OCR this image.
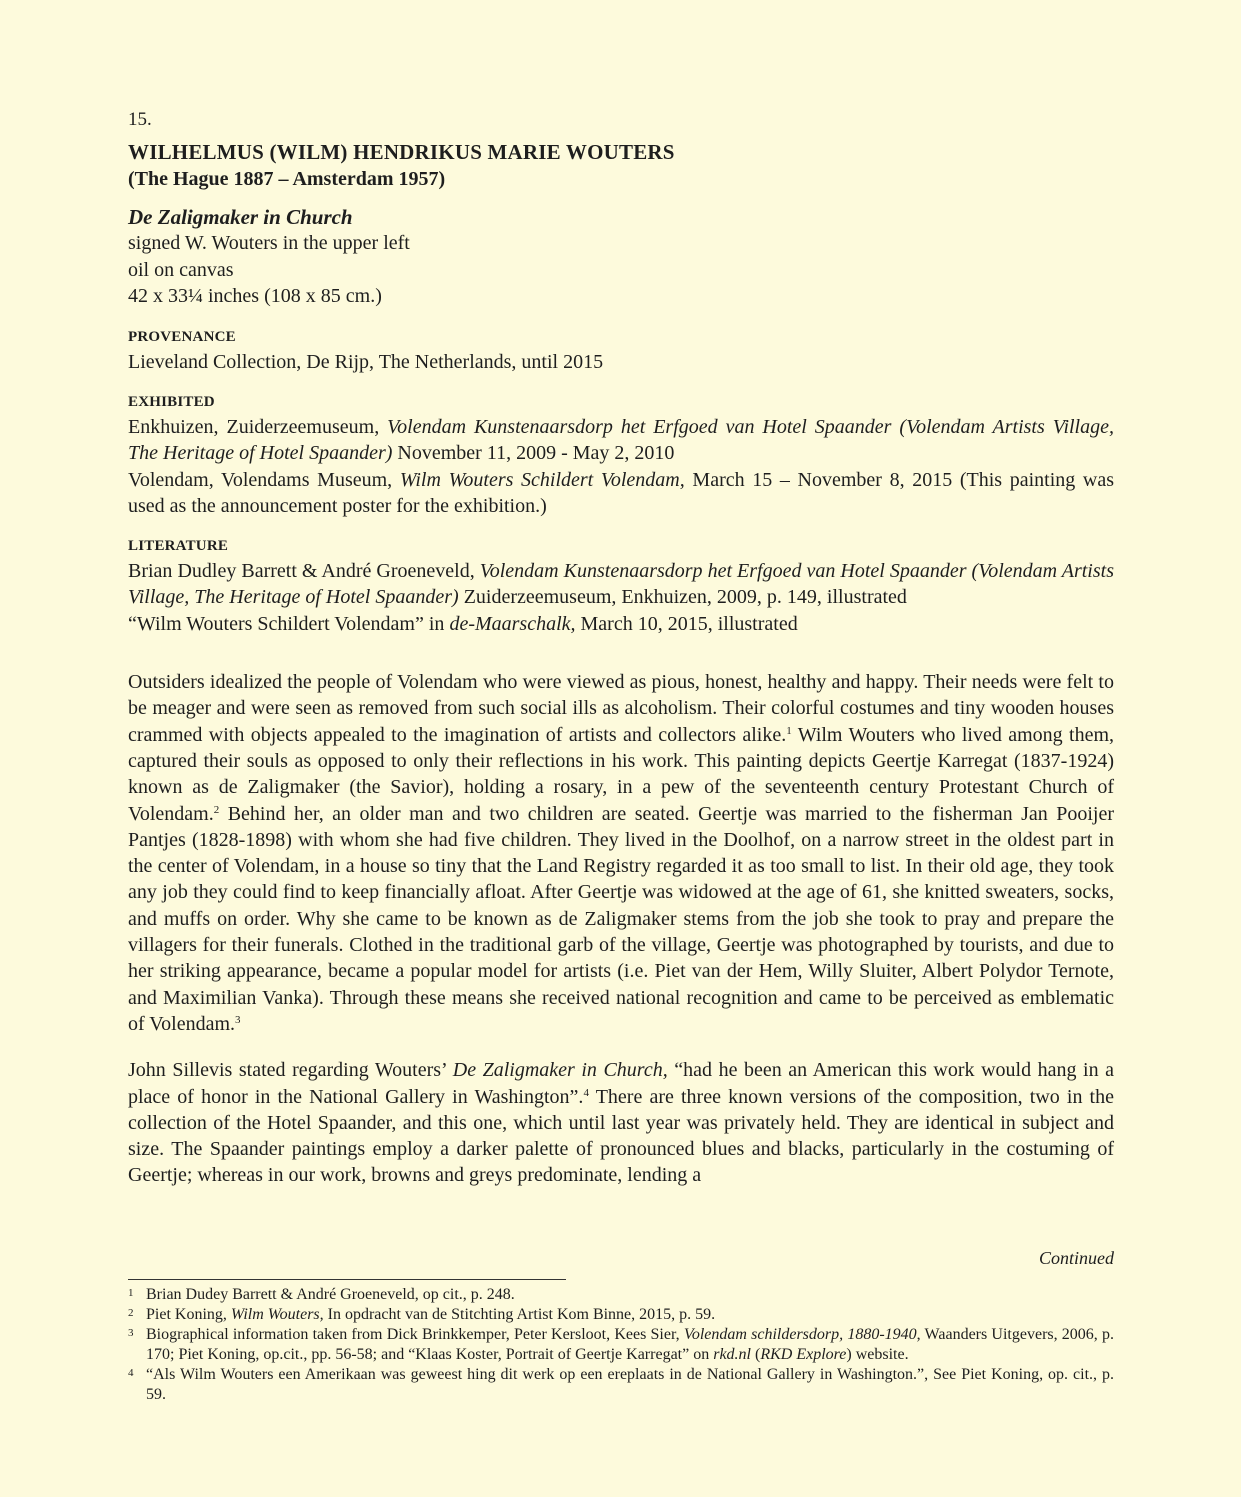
15.
WILHELMUS (WILM) HENDRIKUS MARIE WOUTERS
(The Hague 1887 – Amsterdam 1957)
De Zaligmaker in Church
signed W. Wouters in the upper left
oil on canvas
42 x 33¼ inches (108 x 85 cm.)
PROVENANCE
Lieveland Collection, De Rijp, The Netherlands, until 2015
EXHIBITED
Enkhuizen, Zuiderzeemuseum, Volendam Kunstenaarsdorp het Erfgoed van Hotel Spaander (Volendam Artists Village, The Heritage of Hotel Spaander) November 11, 2009 - May 2, 2010
Volendam, Volendams Museum, Wilm Wouters Schildert Volendam, March 15 – November 8, 2015 (This painting was used as the announcement poster for the exhibition.)
LITERATURE
Brian Dudley Barrett & André Groeneveld, Volendam Kunstenaarsdorp het Erfgoed van Hotel Spaander (Volendam Artists Village, The Heritage of Hotel Spaander) Zuiderzeemuseum, Enkhuizen, 2009, p. 149, illustrated
“Wilm Wouters Schildert Volendam” in de-Maarschalk, March 10, 2015, illustrated

Outsiders idealized the people of Volendam who were viewed as pious, honest, healthy and happy. Their needs were felt to be meager and were seen as removed from such social ills as alcoholism. Their colorful costumes and tiny wooden houses crammed with objects appealed to the imagination of artists and collectors alike.$^1$ Wilm Wouters who lived among them, captured their souls as opposed to only their reflections in his work. This painting depicts Geertje Karregat (1837-1924) known as de Zaligmaker (the Savior), holding a rosary, in a pew of the seventeenth century Protestant Church of Volendam.$^2$ Behind her, an older man and two children are seated. Geertje was married to the fisherman Jan Pooijer Pantjes (1828-1898) with whom she had five children. They lived in the Doolhof, on a narrow street in the oldest part in the center of Volendam, in a house so tiny that the Land Registry regarded it as too small to list. In their old age, they took any job they could find to keep financially afloat. After Geertje was widowed at the age of 61, she knitted sweaters, socks, and muffs on order. Why she came to be known as de Zaligmaker stems from the job she took to pray and prepare the villagers for their funerals. Clothed in the traditional garb of the village, Geertje was photographed by tourists, and due to her striking appearance, became a popular model for artists (i.e. Piet van der Hem, Willy Sluiter, Albert Polydor Ternote, and Maximilian Vanka). Through these means she received national recognition and came to be perceived as emblematic of Volendam.$^3$

John Sillevis stated regarding Wouters’ De Zaligmaker in Church, “had he been an American this work would hang in a place of honor in the National Gallery in Washington”.$^4$ There are three known versions of the composition, two in the collection of the Hotel Spaander, and this one, which until last year was privately held. They are identical in subject and size. The Spaander paintings employ a darker palette of pronounced blues and blacks, particularly in the costuming of Geertje; whereas in our work, browns and greys predominate, lending a

Continued
1 Brian Dudey Barrett & André Groeneveld, op cit., p. 248.
2 Piet Koning, Wilm Wouters, In opdracht van de Stitchting Artist Kom Binne, 2015, p. 59.
3 Biographical information taken from Dick Brinkkemper, Peter Kersloot, Kees Sier, Volendam schildersdorp, 1880-1940, Waanders Uitgevers, 2006, p. 170; Piet Koning, op.cit., pp. 56-58; and “Klaas Koster, Portrait of Geertje Karregat” on rkd.nl (RKD Explore) website.
4 “Als Wilm Wouters een Amerikaan was geweest hing dit werk op een ereplaats in de National Gallery in Washington.”, See Piet Koning, op. cit., p. 59.
